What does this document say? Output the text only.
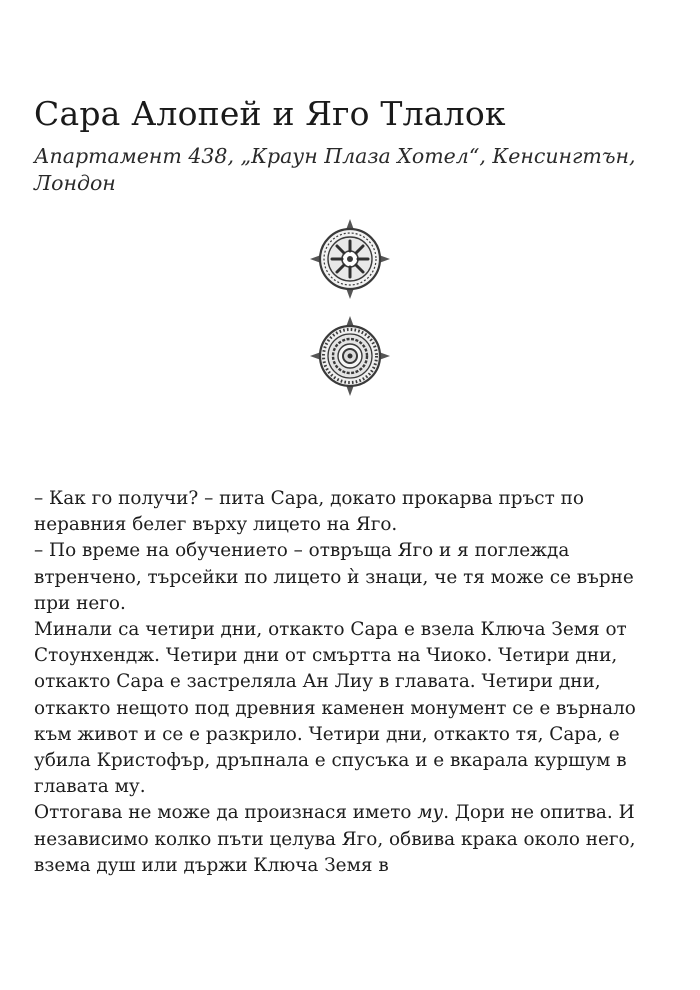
Сара Алопей и Яго Тлалок

Апартамент 438, „Краун Плаза Хотел“, Кенсингтън, Лондон

– Как го получи? – пита Сара, докато прокарва пръст по неравния белег върху лицето на Яго.

– По време на обучението – отвръща Яго и я поглежда втренчено, търсейки по лицето ѝ знаци, че тя може се върне при него.

Минали са четири дни, откакто Сара е взела Ключа Земя от Стоунхендж. Четири дни от смъртта на Чиоко. Четири дни, откакто Сара е застреляла Ан Лиу в главата. Четири дни, откакто нещото под древния каменен монумент се е върнало към живот и се е разкрило. Четири дни, откакто тя, Сара, е убила Кристофър, дръпнала е спусъка и е вкарала куршум в главата му.

Оттогава не може да произнася името му. Дори не опитва. И независимо колко пъти целува Яго, обвива крака около него, взема душ или държи Ключа Земя в
